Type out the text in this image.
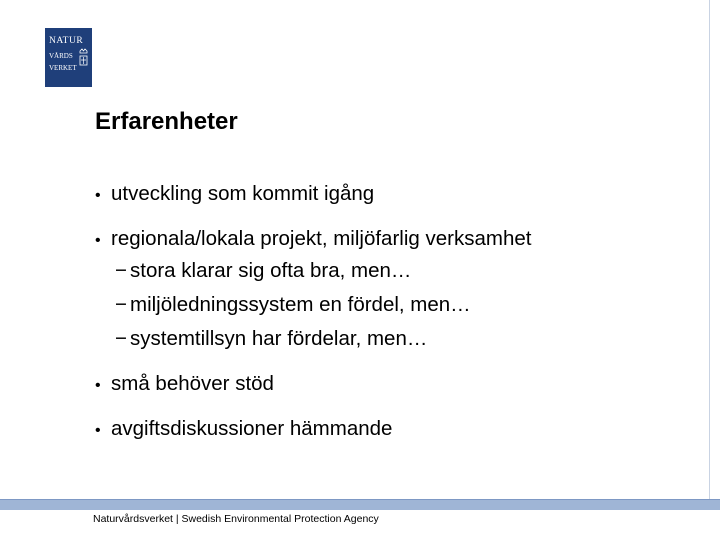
NATUR
VÅRDS
VERKET
Erfarenheter
• utveckling som kommit igång
• regionala/lokala projekt, miljöfarlig verksamhet
− stora klarar sig ofta bra, men…
− miljöledningssystem en fördel, men…
− systemtillsyn har fördelar, men…
• små behöver stöd
• avgiftsdiskussioner hämmande
Naturvårdsverket | Swedish Environmental Protection Agency
